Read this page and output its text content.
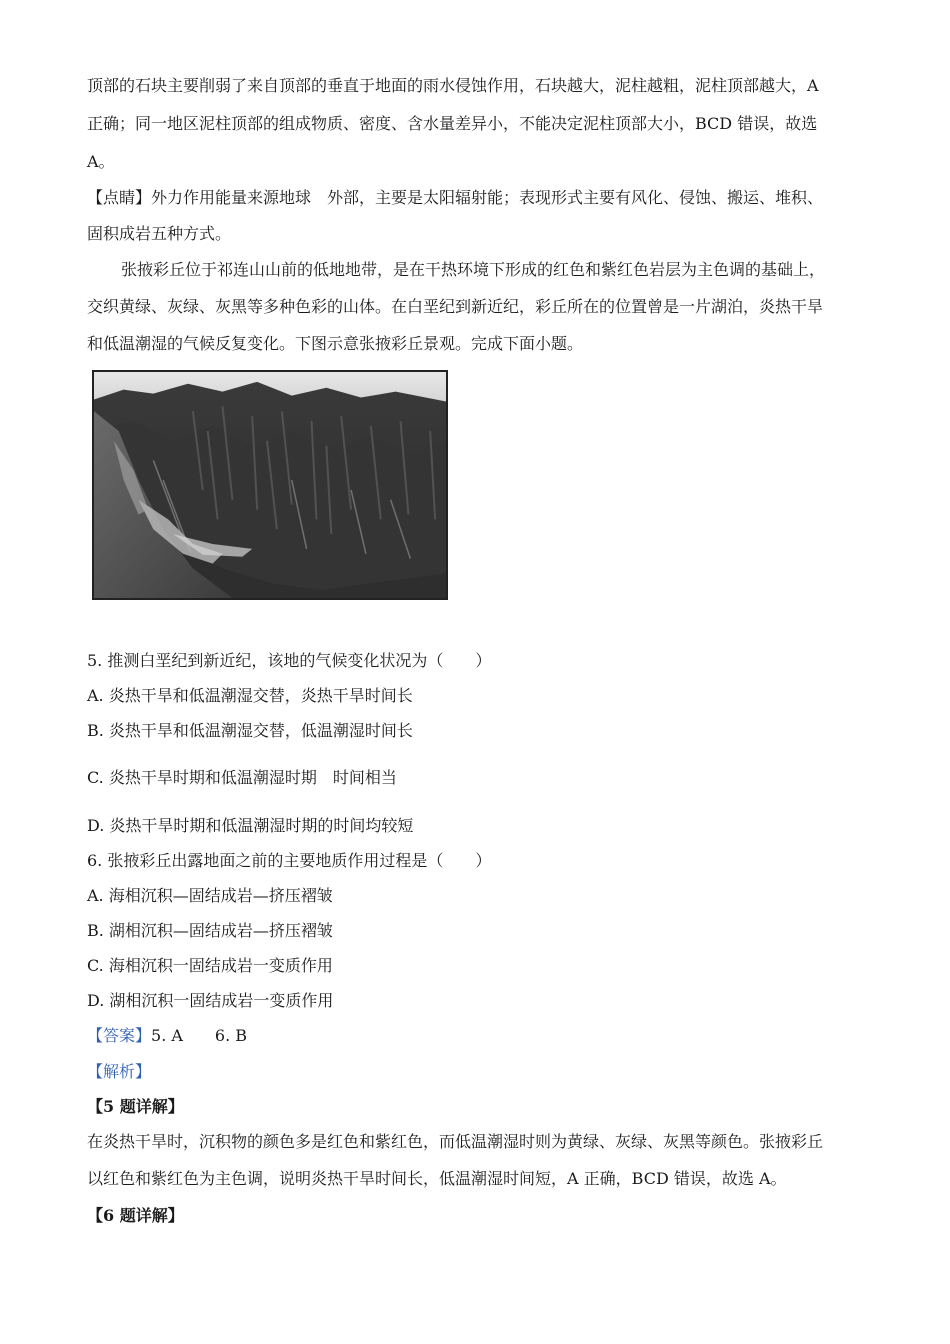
顶部的石块主要削弱了来自顶部的垂直于地面的雨水侵蚀作用，石块越大，泥柱越粗，泥柱顶部越大，A
正确；同一地区泥柱顶部的组成物质、密度、含水量差异小，不能决定泥柱顶部大小，BCD 错误，故选
A。
【点睛】外力作用能量来源地球　外部，主要是太阳辐射能；表现形式主要有风化、侵蚀、搬运、堆积、
固积成岩五种方式。
张掖彩丘位于祁连山山前的低地地带，是在干热环境下形成的红色和紫红色岩层为主色调的基础上，
交织黄绿、灰绿、灰黑等多种色彩的山体。在白垩纪到新近纪，彩丘所在的位置曾是一片湖泊，炎热干旱
和低温潮湿的气候反复变化。下图示意张掖彩丘景观。完成下面小题。
5. 推测白垩纪到新近纪，该地的气候变化状况为（　　）
A. 炎热干旱和低温潮湿交替，炎热干旱时间长
B. 炎热干旱和低温潮湿交替，低温潮湿时间长
C. 炎热干旱时期和低温潮湿时期　时间相当
D. 炎热干旱时期和低温潮湿时期的时间均较短
6. 张掖彩丘出露地面之前的主要地质作用过程是（　　）
A. 海相沉积—固结成岩—挤压褶皱
B. 湖相沉积—固结成岩—挤压褶皱
C. 海相沉积一固结成岩一变质作用
D. 湖相沉积一固结成岩一变质作用
【答案】5. A　　6. B
【解析】
【5 题详解】
在炎热干旱时，沉积物的颜色多是红色和紫红色，而低温潮湿时则为黄绿、灰绿、灰黑等颜色。张掖彩丘
以红色和紫红色为主色调，说明炎热干旱时间长，低温潮湿时间短，A 正确，BCD 错误，故选 A。
【6 题详解】
